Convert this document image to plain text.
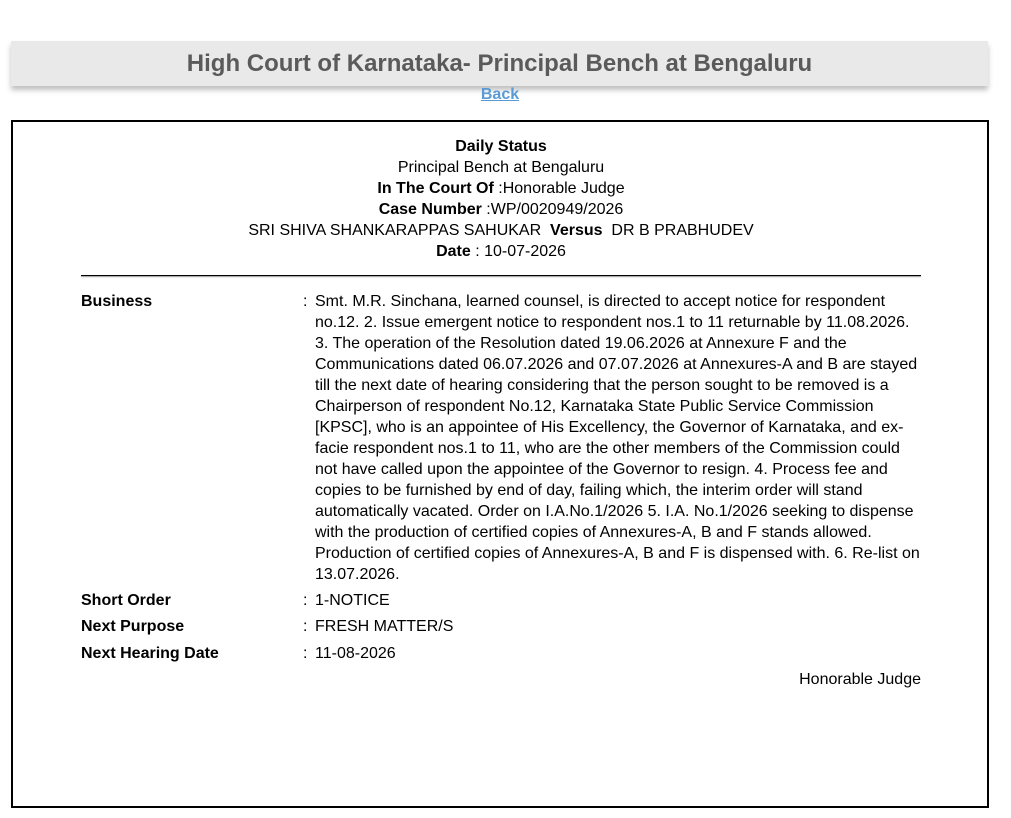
High Court of Karnataka- Principal Bench at Bengaluru
Back
Daily Status
Principal Bench at Bengaluru
In The Court Of :Honorable Judge
Case Number :WP/0020949/2026
SRI SHIVA SHANKARAPPAS SAHUKAR Versus DR B PRABHUDEV
Date : 10-07-2026
Business	: Smt. M.R. Sinchana, learned counsel, is directed to accept notice for respondent no.12. 2. Issue emergent notice to respondent nos.1 to 11 returnable by 11.08.2026. 3. The operation of the Resolution dated 19.06.2026 at Annexure F and the Communications dated 06.07.2026 and 07.07.2026 at Annexures-A and B are stayed till the next date of hearing considering that the person sought to be removed is a Chairperson of respondent No.12, Karnataka State Public Service Commission [KPSC], who is an appointee of His Excellency, the Governor of Karnataka, and ex-facie respondent nos.1 to 11, who are the other members of the Commission could not have called upon the appointee of the Governor to resign. 4. Process fee and copies to be furnished by end of day, failing which, the interim order will stand automatically vacated. Order on I.A.No.1/2026 5. I.A. No.1/2026 seeking to dispense with the production of certified copies of Annexures-A, B and F stands allowed. Production of certified copies of Annexures-A, B and F is dispensed with. 6. Re-list on 13.07.2026.
Short Order	: 1-NOTICE
Next Purpose	: FRESH MATTER/S
Next Hearing Date	: 11-08-2026
Honorable Judge
